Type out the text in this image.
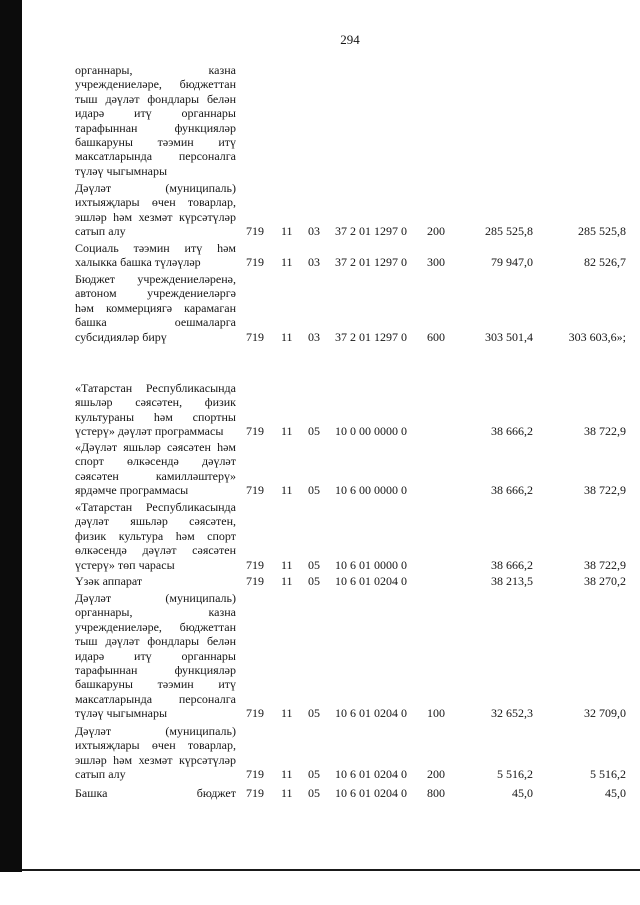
294
органнары, казна
учреждениеләре, бюджеттан
тыш дәүләт фондлары белән
идарә итү органнары
тарафыннан функцияләр
башкаруны тәэмин итү
максатларында персоналга
түләү чыгымнары
Дәүләт (муниципаль)
ихтыяҗлары өчен товарлар,
эшләр һәм хезмәт күрсәтүләр
сатып алу	719 11 03 37 2 01 1297 0 200	285 525,8	285 525,8
Социаль тәэмин итү һәм
халыкка башка түләүләр	719 11 03 37 2 01 1297 0 300	79 947,0	82 526,7
Бюджет учреждениеләренә,
автоном учреждениеләргә
һәм коммерциягә карамаган
башка оешмаларга
субсидияләр бирү	719 11 03 37 2 01 1297 0 600	303 501,4	303 603,6»;
«Татарстан Республикасында
яшьләр сәясәтен, физик
культураны һәм спортны
үстерү» дәүләт программасы	719 11 05 10 0 00 0000 0	38 666,2	38 722,9
«Дәүләт яшьләр сәясәтен һәм
спорт өлкәсендә дәүләт
сәясәтен камилләштерү»
ярдәмче программасы	719 11 05 10 6 00 0000 0	38 666,2	38 722,9
«Татарстан Республикасында
дәүләт яшьләр сәясәтен,
физик культура һәм спорт
өлкәсендә дәүләт сәясәтен
үстерү» төп чарасы	719 11 05 10 6 01 0000 0	38 666,2	38 722,9
Үзәк аппарат	719 11 05 10 6 01 0204 0	38 213,5	38 270,2
Дәүләт (муниципаль)
органнары, казна
учреждениеләре, бюджеттан
тыш дәүләт фондлары белән
идарә итү органнары
тарафыннан функцияләр
башкаруны тәэмин итү
максатларында персоналга
түләү чыгымнары	719 11 05 10 6 01 0204 0 100	32 652,3	32 709,0
Дәүләт (муниципаль)
ихтыяҗлары өчен товарлар,
эшләр һәм хезмәт күрсәтүләр
сатып алу	719 11 05 10 6 01 0204 0 200	5 516,2	5 516,2
Башка бюджет 719 11 05 10 6 01 0204 0 800	45,0	45,0
